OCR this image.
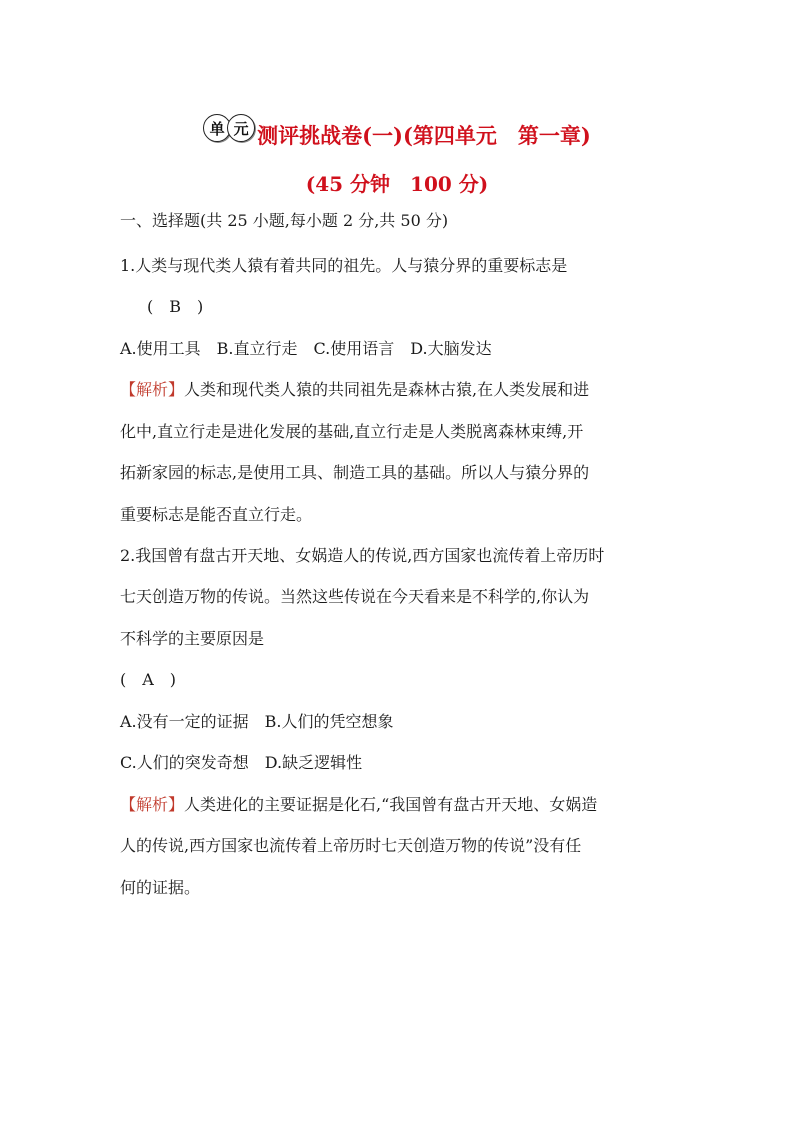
单 元 测评挑战卷(一)(第四单元　第一章)
(45 分钟　100 分)
一、选择题(共 25 小题,每小题 2 分,共 50 分)
1.人类与现代类人猿有着共同的祖先。人与猿分界的重要标志是
(　B　)
A.使用工具　B.直立行走　C.使用语言　D.大脑发达
【解析】人类和现代类人猿的共同祖先是森林古猿,在人类发展和进
化中,直立行走是进化发展的基础,直立行走是人类脱离森林束缚,开
拓新家园的标志,是使用工具、制造工具的基础。所以人与猿分界的
重要标志是能否直立行走。
2.我国曾有盘古开天地、女娲造人的传说,西方国家也流传着上帝历时
七天创造万物的传说。当然这些传说在今天看来是不科学的,你认为
不科学的主要原因是
(　A　)
A.没有一定的证据　B.人们的凭空想象
C.人们的突发奇想　D.缺乏逻辑性
【解析】人类进化的主要证据是化石,“我国曾有盘古开天地、女娲造
人的传说,西方国家也流传着上帝历时七天创造万物的传说”没有任
何的证据。
